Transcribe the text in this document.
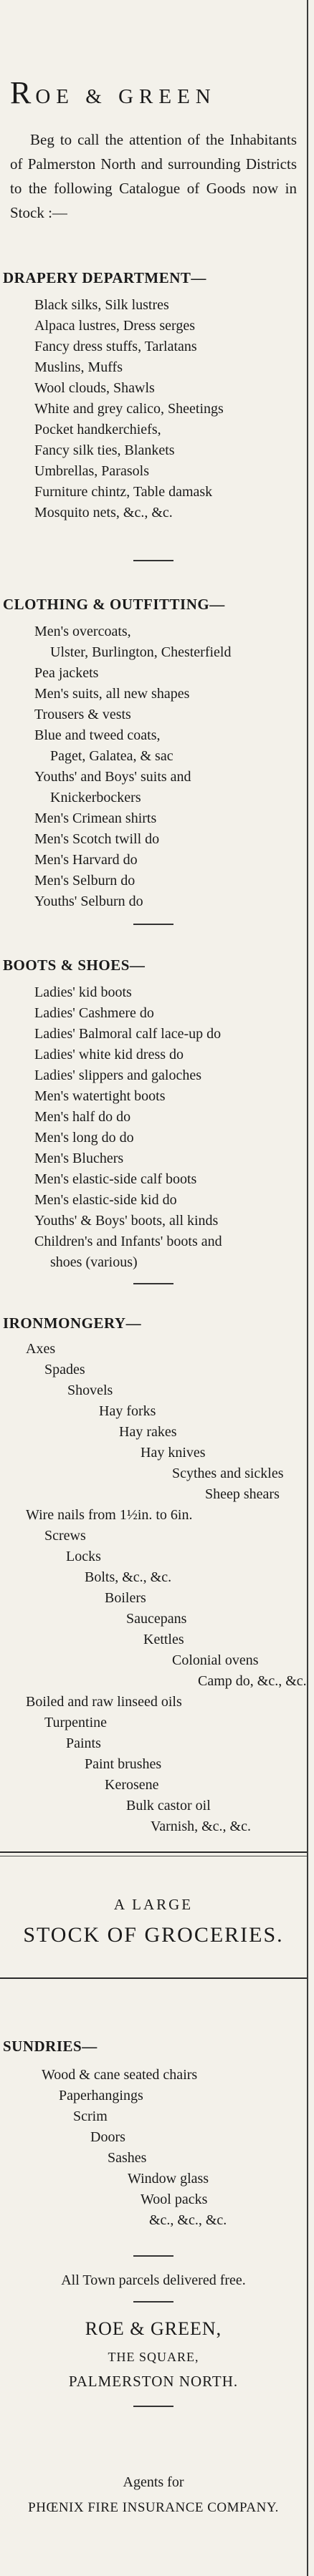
ROE & GREEN
Beg to call the attention of the Inhabitants of Palmerston North and surrounding Districts to the following Catalogue of Goods now in Stock :—
DRAPERY DEPARTMENT—
Black silks, Silk lustres
Alpaca lustres, Dress serges
Fancy dress stuffs, Tarlatans
Muslins, Muffs
Wool clouds, Shawls
White and grey calico, Sheetings
Pocket handkerchiefs,
Fancy silk ties, Blankets
Umbrellas, Parasols
Furniture chintz, Table damask
Mosquito nets, &c., &c.
CLOTHING & OUTFITTING—
Men's overcoats,
Ulster, Burlington, Chesterfield
Pea jackets
Men's suits, all new shapes
Trousers & vests
Blue and tweed coats,
Paget, Galatea, & sac
Youths' and Boys' suits and
Knickerbockers
Men's Crimean shirts
Men's Scotch twill do
Men's Harvard do
Men's Selburn do
Youths' Selburn do
BOOTS & SHOES—
Ladies' kid boots
Ladies' Cashmere do
Ladies' Balmoral calf lace-up do
Ladies' white kid dress do
Ladies' slippers and galoches
Men's watertight boots
Men's half do do
Men's long do do
Men's Bluchers
Men's elastic-side calf boots
Men's elastic-side kid do
Youths' & Boys' boots, all kinds
Children's and Infants' boots and
shoes (various)
IRONMONGERY—
Axes
Spades
Shovels
Hay forks
Hay rakes
Hay knives
Scythes and sickles
Sheep shears
Wire nails from 1½in. to 6in.
Screws
Locks
Bolts, &c., &c.
Boilers
Saucepans
Kettles
Colonial ovens
Camp do, &c., &c.
Boiled and raw linseed oils
Turpentine
Paints
Paint brushes
Kerosene
Bulk castor oil
Varnish, &c., &c.
A LARGE
STOCK OF GROCERIES.
SUNDRIES—
Wood & cane seated chairs
Paperhangings
Scrim
Doors
Sashes
Window glass
Wool packs
&c., &c., &c.
All Town parcels delivered free.
ROE & GREEN,
THE SQUARE,
PALMERSTON NORTH.
Agents for
PHŒNIX FIRE INSURANCE COMPANY.
